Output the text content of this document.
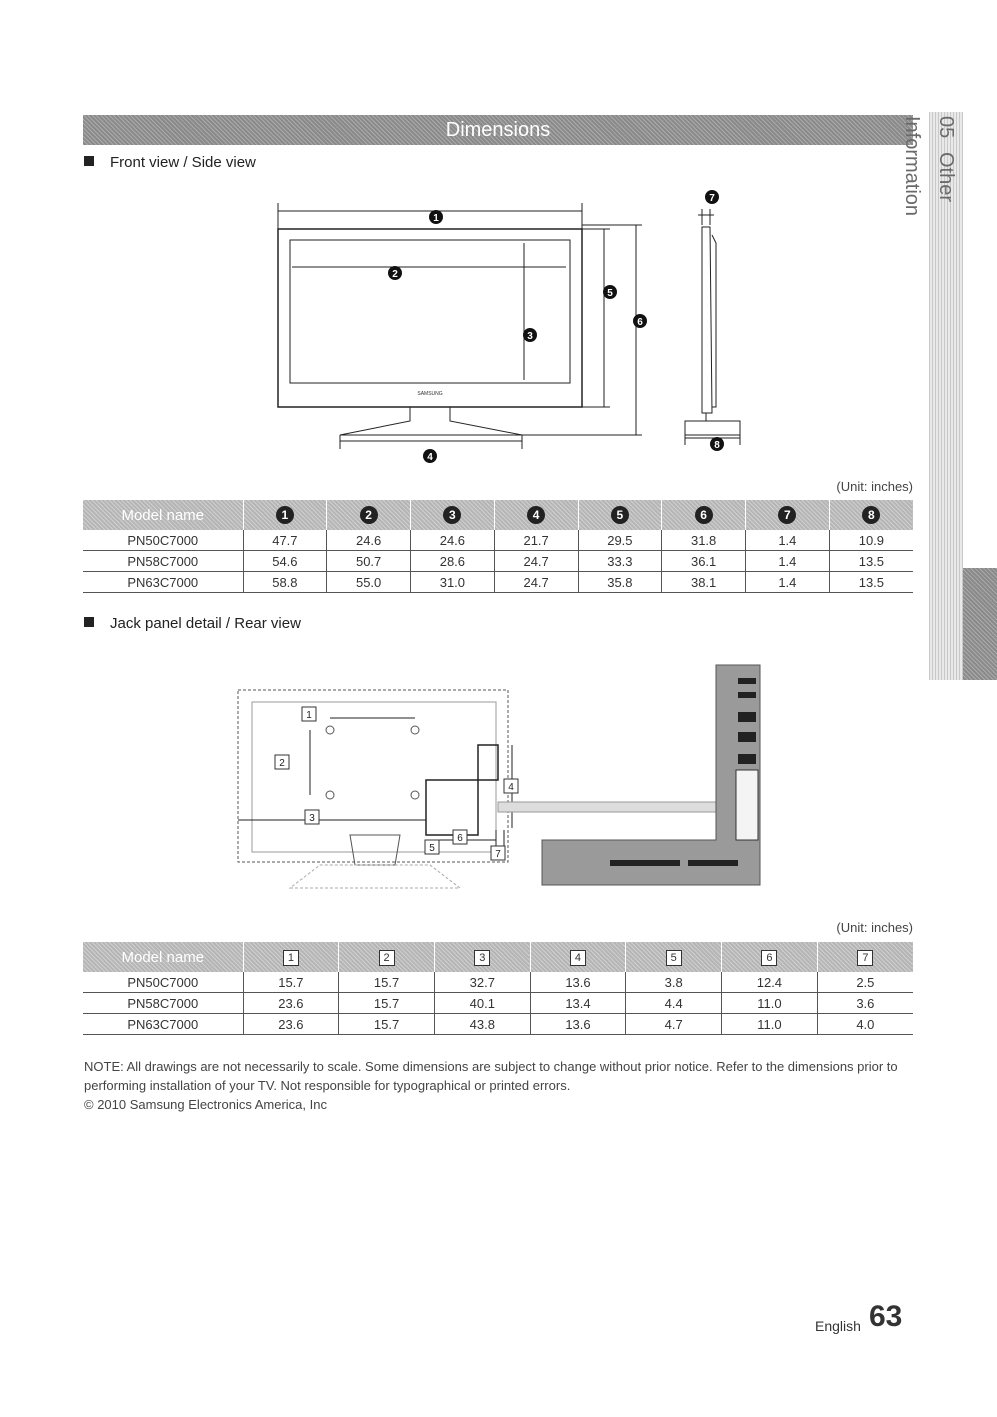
Dimensions	05 Other Information
Front view / Side view
SAMSUNG
1
2
3
4
5
6
7
8
(Unit: inches)
Model name	1	2	3	4	5	6	7	8
PN50C7000	47.7	24.6	24.6	21.7	29.5	31.8	1.4	10.9
PN58C7000	54.6	50.7	28.6	24.7	33.3	36.1	1.4	13.5
PN63C7000	58.8	55.0	31.0	24.7	35.8	38.1	1.4	13.5
Jack panel detail / Rear view
1
2
3
4
5
6
7
(Unit: inches)
Model name	1	2	3	4	5	6	7
PN50C7000	15.7	15.7	32.7	13.6	3.8	12.4	2.5
PN58C7000	23.6	15.7	40.1	13.4	4.4	11.0	3.6
PN63C7000	23.6	15.7	43.8	13.6	4.7	11.0	4.0
NOTE: All drawings are not necessarily to scale. Some dimensions are subject to change without prior notice. Refer to the dimensions prior to performing installation of your TV. Not responsible for typographical or printed errors.
© 2010 Samsung Electronics America, Inc
English 63
